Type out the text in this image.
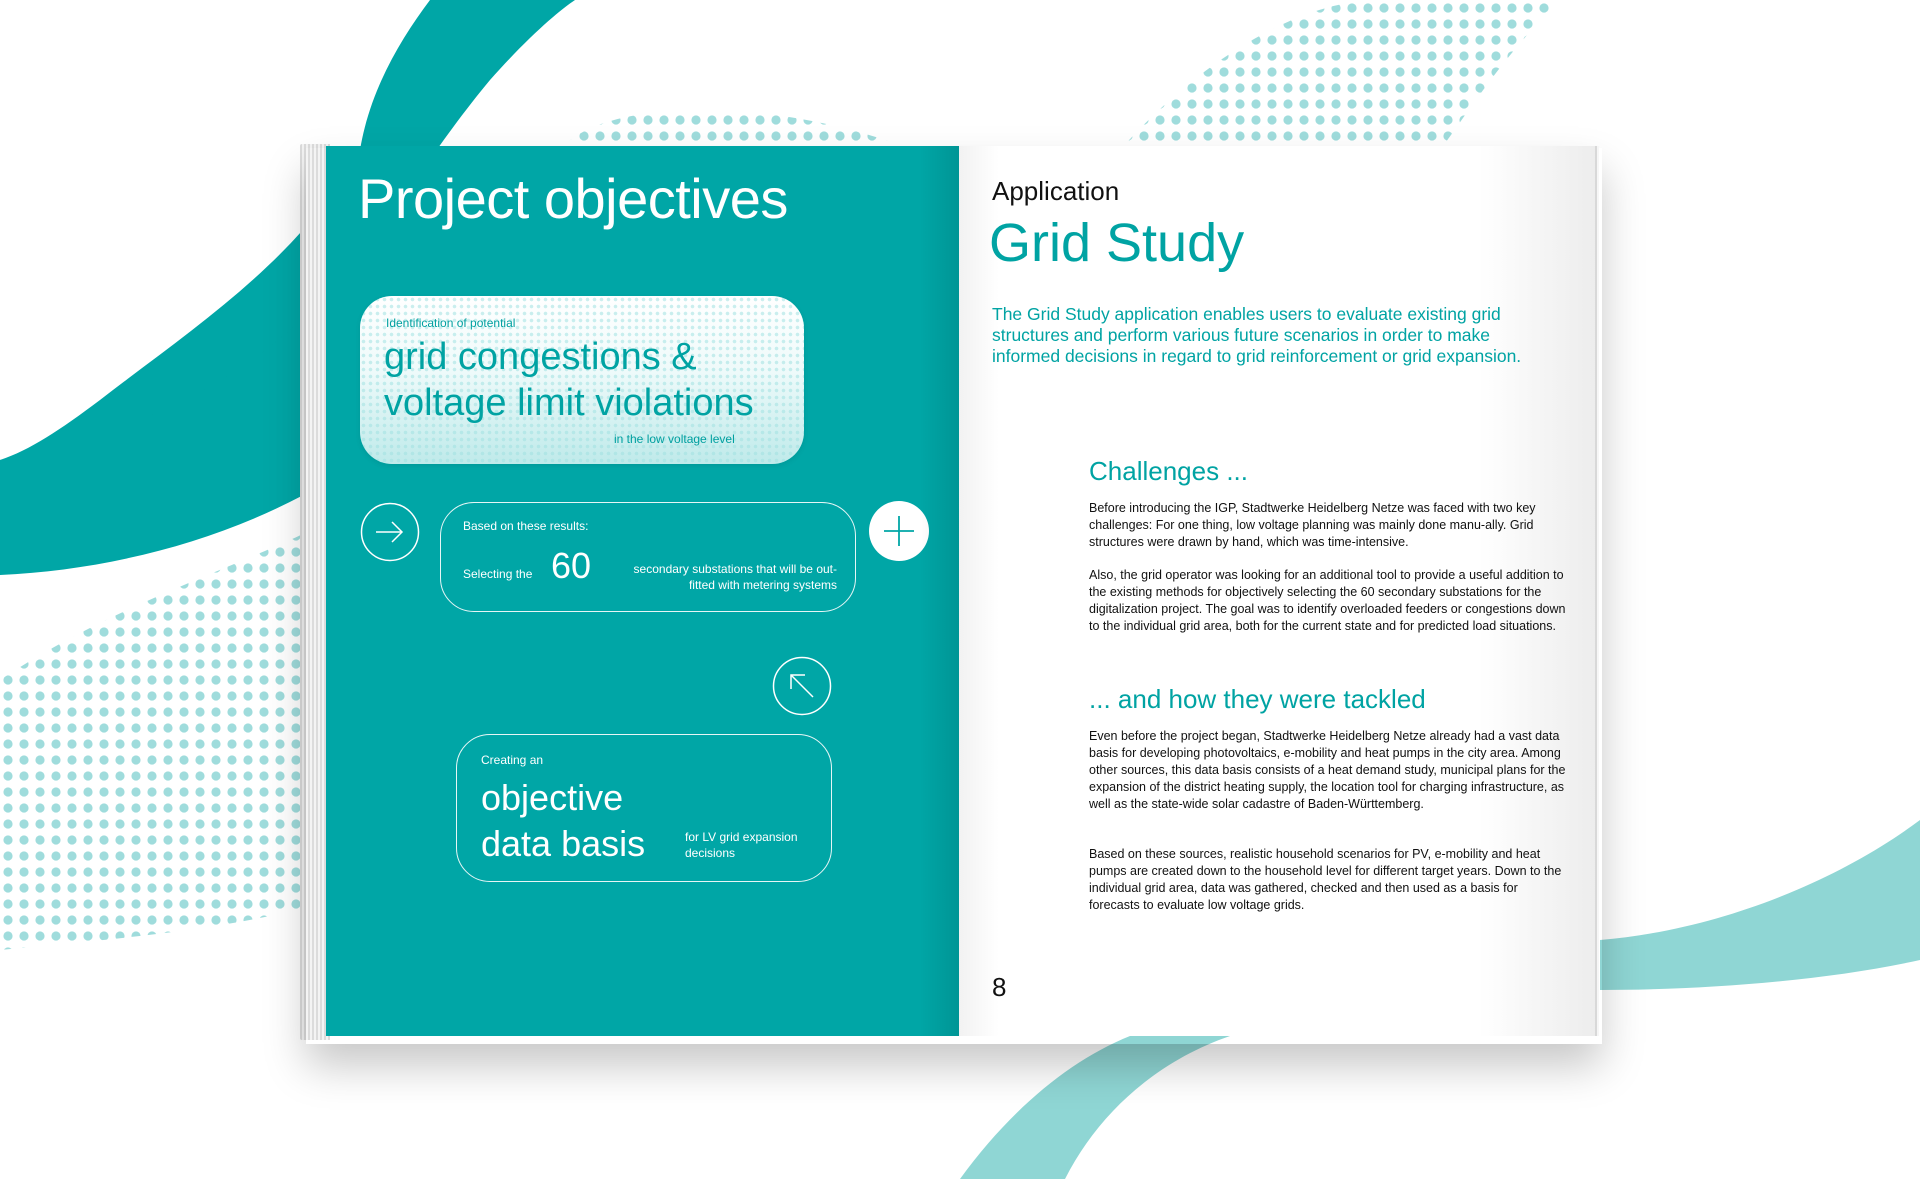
Project objectives
Identification of potential
grid congestions &
voltage limit violations
in the low voltage level
Based on these results:
Selecting the 60	secondary substations that will be out-
fitted with metering systems
Creating an
objective
data basis	for LV grid expansion
decisions
Application
Grid Study
The Grid Study application enables users to evaluate existing grid structures and perform various future scenarios in order to make informed decisions in regard to grid reinforcement or grid expansion.
Challenges ...

Before introducing the IGP, Stadtwerke Heidelberg Netze was faced with two key challenges: For one thing, low voltage planning was mainly done manu-ally. Grid structures were drawn by hand, which was time-intensive.

Also, the grid operator was looking for an additional tool to provide a useful addition to the existing methods for objectively selecting the 60 secondary substations for the digitalization project. The goal was to identify overloaded feeders or congestions down to the individual grid area, both for the current state and for predicted load situations.

... and how they were tackled

Even before the project began, Stadtwerke Heidelberg Netze already had a vast data basis for developing photovoltaics, e-mobility and heat pumps in the city area. Among other sources, this data basis consists of a heat demand study, municipal plans for the expansion of the district heating supply, the location tool for charging infrastructure, as well as the state-wide solar cadastre of Baden-Württemberg.

Based on these sources, realistic household scenarios for PV, e-mobility and heat pumps are created down to the household level for different target years. Down to the individual grid area, data was gathered, checked and then used as a basis for forecasts to evaluate low voltage grids.

8
